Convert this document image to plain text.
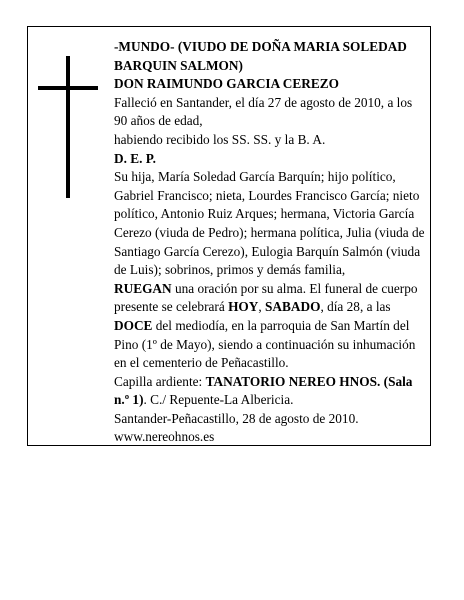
-MUNDO- (VIUDO DE DOÑA MARIA SOLEDAD BARQUIN SALMON)

DON RAIMUNDO GARCIA CEREZO

Falleció en Santander, el día 27 de agosto de 2010, a los 90 años de edad,

habiendo recibido los SS. SS. y la B. A.

D. E. P.

Su hija, María Soledad García Barquín; hijo político, Gabriel Francisco; nieta, Lourdes Francisco García; nieto político, Antonio Ruiz Arques; hermana, Victoria García Cerezo (viuda de Pedro); hermana política, Julia (viuda de Santiago García Cerezo), Eulogia Barquín Salmón (viuda de Luis); sobrinos, primos y demás familia,

RUEGAN una oración por su alma. El funeral de cuerpo presente se celebrará HOY, SABADO, día 28, a las DOCE del mediodía, en la parroquia de San Martín del Pino (1º de Mayo), siendo a continuación su inhumación en el cementerio de Peñacastillo.

Capilla ardiente: TANATORIO NEREO HNOS. (Sala n.º 1). C./ Repuente-La Albericia.

Santander-Peñacastillo, 28 de agosto de 2010.

www.nereohnos.es
